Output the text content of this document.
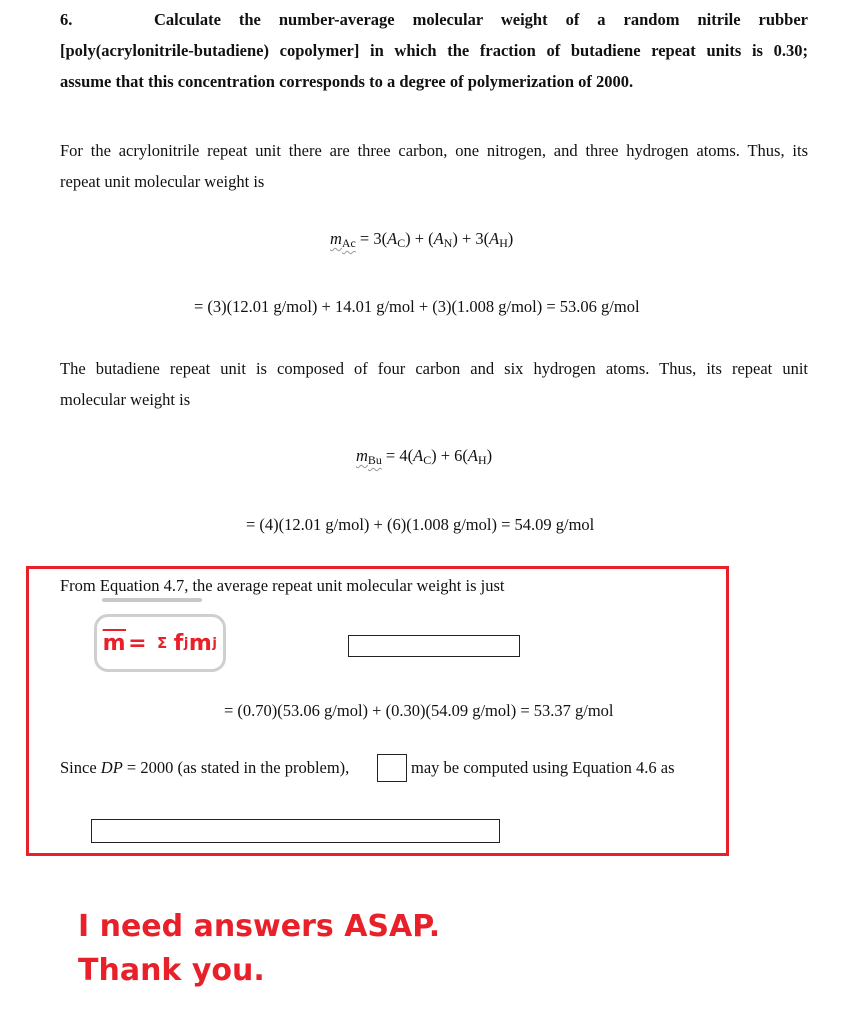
6.	Calculate the number-average molecular weight of a random nitrile rubber
[poly(acrylonitrile-butadiene) copolymer] in which the fraction of butadiene repeat units is 0.30;
assume that this concentration corresponds to a degree of polymerization of 2000.
For the acrylonitrile repeat unit there are three carbon, one nitrogen, and three hydrogen atoms. Thus, its
repeat unit molecular weight is
$m_{Ac} = 3(A_C) + (A_N) + 3(A_H)$
= (3)(12.01 g/mol) + 14.01 g/mol + (3)(1.008 g/mol) = 53.06 g/mol
The butadiene repeat unit is composed of four carbon and six hydrogen atoms. Thus, its repeat unit
molecular weight is
$m_{Bu} = 4(A_C) + 6(A_H)$
= (4)(12.01 g/mol) + (6)(1.008 g/mol) = 54.09 g/mol
From Equation 4.7, the average repeat unit molecular weight is just
$\overline{m} = \Sigma$ f j m j
= (0.70)(53.06 g/mol) + (0.30)(54.09 g/mol) = 53.37 g/mol
Since DP = 2000 (as stated in the problem),	may be computed using Equation 4.6 as
I need answers ASAP.
Thank you.
